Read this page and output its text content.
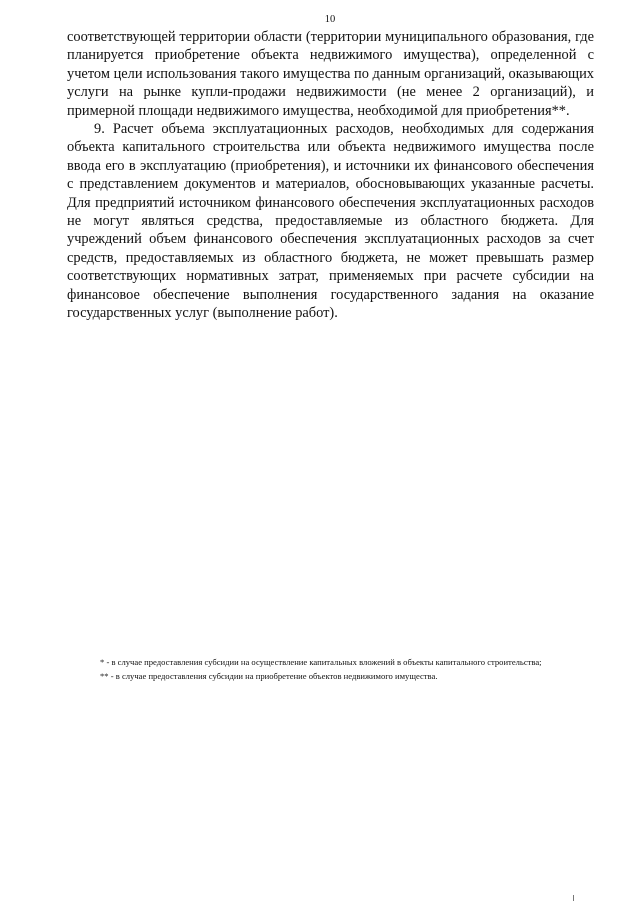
10

соответствующей территории области (территории муниципального образования, где планируется приобретение объекта недвижимого имущества), определенной с учетом цели использования такого имущества по данным организаций, оказывающих услуги на рынке купли-продажи недвижимости (не менее 2 организаций), и примерной площади недвижимого имущества, необходимой для приобретения**.

9. Расчет объема эксплуатационных расходов, необходимых для содержания объекта капитального строительства или объекта недвижимого имущества после ввода его в эксплуатацию (приобретения), и источники их финансового обеспечения с представлением документов и материалов, обосновывающих указанные расчеты. Для предприятий источником финансового обеспечения эксплуатационных расходов не могут являться средства, предоставляемые из областного бюджета. Для учреждений объем финансового обеспечения эксплуатационных расходов за счет средств, предоставляемых из областного бюджета, не может превышать размер соответствующих нормативных затрат, применяемых при расчете субсидии на финансовое обеспечение выполнения государственного задания на оказание государственных услуг (выполнение работ).

* - в случае предоставления субсидии на осуществление капитальных вложений в объекты капитального строительства;

** - в случае предоставления субсидии на приобретение объектов недвижимого имущества.
